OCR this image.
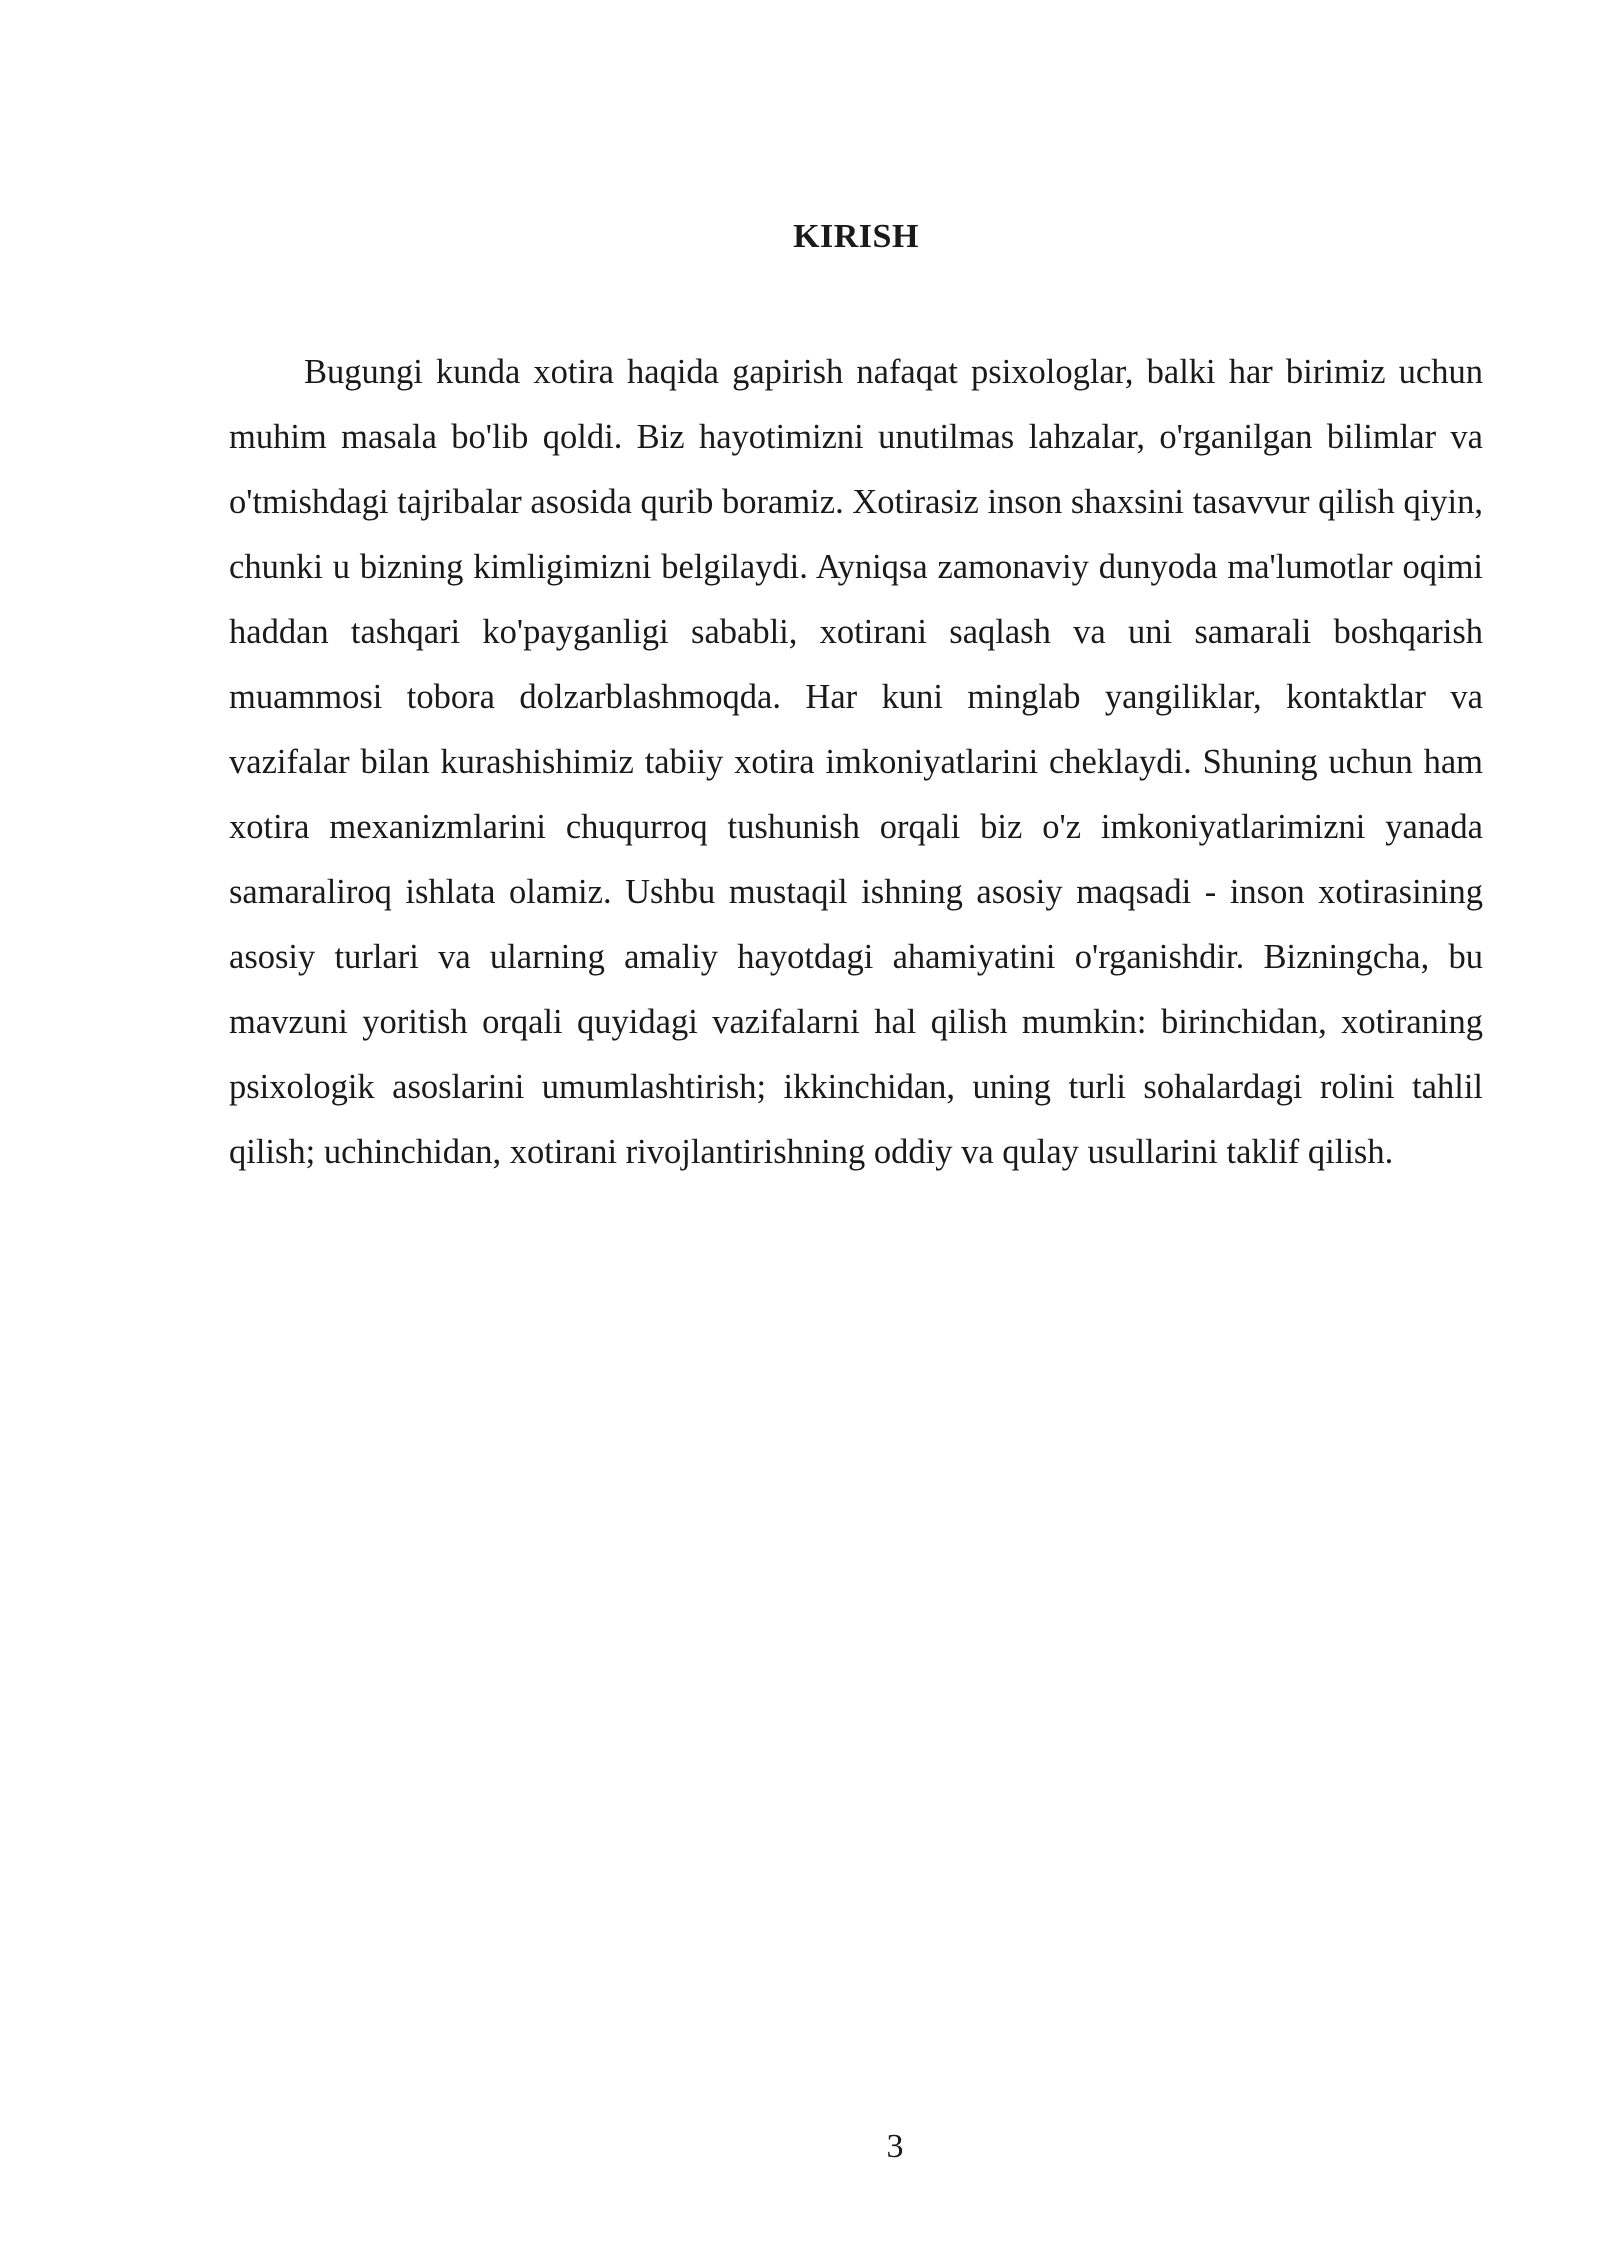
KIRISH

Bugungi kunda xotira haqida gapirish nafaqat psixologlar, balki har birimiz uchun muhim masala bo'lib qoldi. Biz hayotimizni unutilmas lahzalar, o'rganilgan bilimlar va o'tmishdagi tajribalar asosida qurib boramiz. Xotirasiz inson shaxsini tasavvur qilish qiyin, chunki u bizning kimligimizni belgilaydi. Ayniqsa zamonaviy dunyoda ma'lumotlar oqimi haddan tashqari ko'payganligi sababli, xotirani saqlash va uni samarali boshqarish muammosi tobora dolzarblashmoqda. Har kuni minglab yangiliklar, kontaktlar va vazifalar bilan kurashishimiz tabiiy xotira imkoniyatlarini cheklaydi. Shuning uchun ham xotira mexanizmlarini chuqurroq tushunish orqali biz o'z imkoniyatlarimizni yanada samaraliroq ishlata olamiz. Ushbu mustaqil ishning asosiy maqsadi - inson xotirasining asosiy turlari va ularning amaliy hayotdagi ahamiyatini o'rganishdir. Bizningcha, bu mavzuni yoritish orqali quyidagi vazifalarni hal qilish mumkin: birinchidan, xotiraning psixologik asoslarini umumlashtirish; ikkinchidan, uning turli sohalardagi rolini tahlil qilish; uchinchidan, xotirani rivojlantirishning oddiy va qulay usullarini taklif qilish.

3
